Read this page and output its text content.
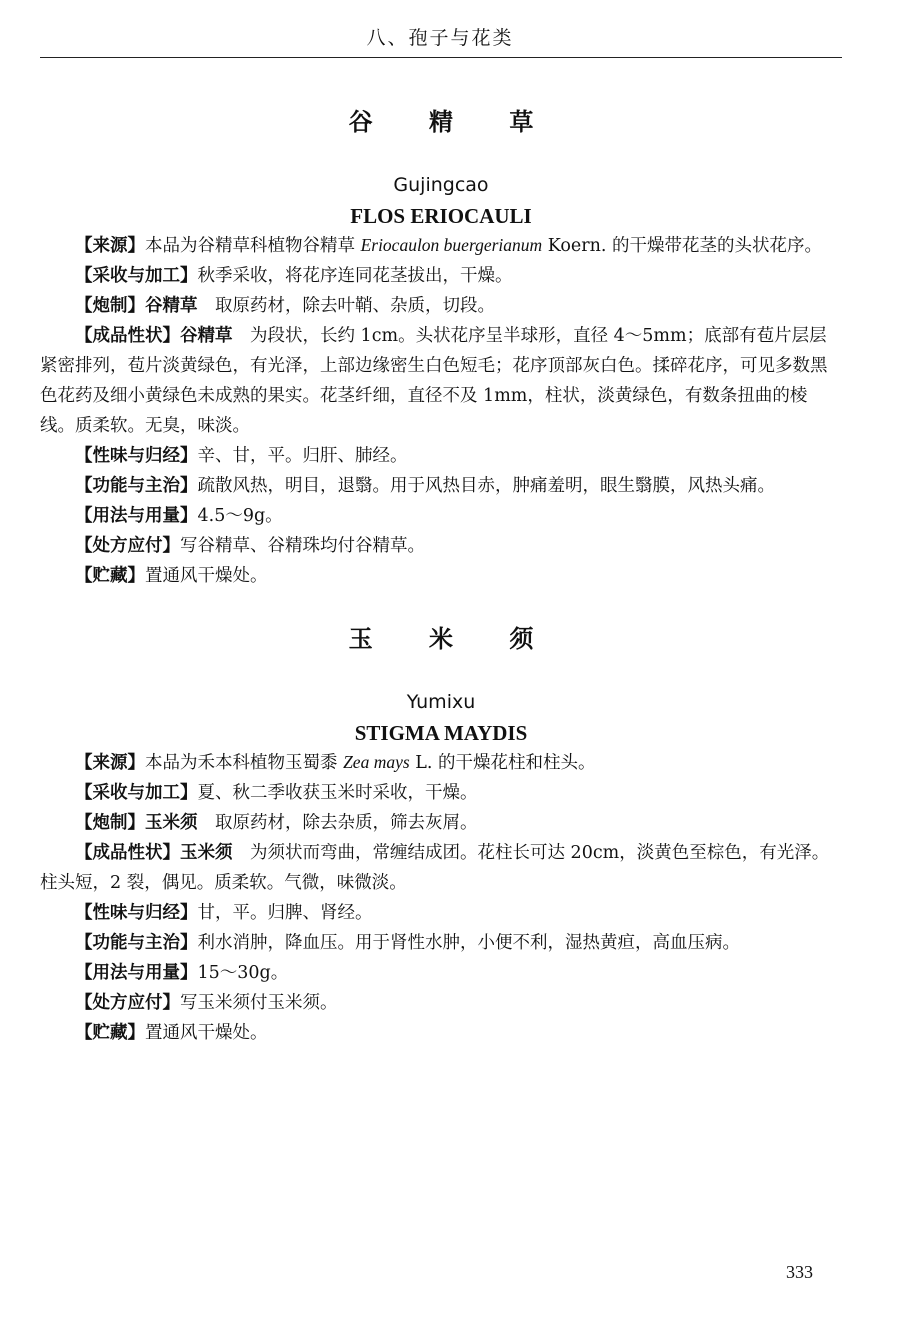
八、孢子与花类
谷 精 草
Gujingcao
FLOS ERIOCAULI

【来源】本品为谷精草科植物谷精草 Eriocaulon buergerianum Koern. 的干燥带花茎的头状花序。

【采收与加工】秋季采收，将花序连同花茎拔出，干燥。

【炮制】谷精草　取原药材，除去叶鞘、杂质，切段。

【成品性状】谷精草　为段状，长约 1cm。头状花序呈半球形，直径 4～5mm；底部有苞片层层紧密排列，苞片淡黄绿色，有光泽，上部边缘密生白色短毛；花序顶部灰白色。揉碎花序，可见多数黑色花药及细小黄绿色未成熟的果实。花茎纤细，直径不及 1mm，柱状，淡黄绿色，有数条扭曲的棱线。质柔软。无臭，味淡。

【性味与归经】辛、甘，平。归肝、肺经。

【功能与主治】疏散风热，明目，退翳。用于风热目赤，肿痛羞明，眼生翳膜，风热头痛。

【用法与用量】4.5～9g。

【处方应付】写谷精草、谷精珠均付谷精草。

【贮藏】置通风干燥处。

玉 米 须
Yumixu
STIGMA MAYDIS

【来源】本品为禾本科植物玉蜀黍 Zea mays L. 的干燥花柱和柱头。

【采收与加工】夏、秋二季收获玉米时采收，干燥。

【炮制】玉米须　取原药材，除去杂质，筛去灰屑。

【成品性状】玉米须　为须状而弯曲，常缠结成团。花柱长可达 20cm，淡黄色至棕色，有光泽。柱头短，2 裂，偶见。质柔软。气微，味微淡。

【性味与归经】甘，平。归脾、肾经。

【功能与主治】利水消肿，降血压。用于肾性水肿，小便不利，湿热黄疸，高血压病。

【用法与用量】15～30g。

【处方应付】写玉米须付玉米须。

【贮藏】置通风干燥处。

333
